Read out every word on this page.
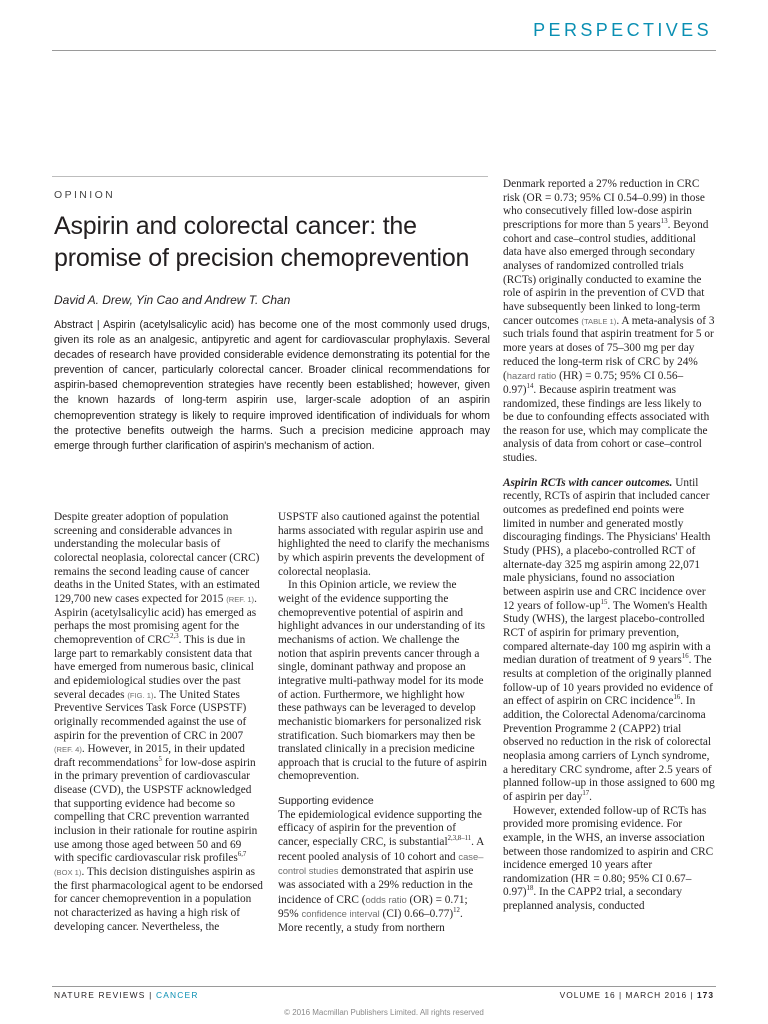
PERSPECTIVES
OPINION
Aspirin and colorectal cancer: the promise of precision chemoprevention
David A. Drew, Yin Cao and Andrew T. Chan

Abstract | Aspirin (acetylsalicylic acid) has become one of the most commonly used drugs, given its role as an analgesic, antipyretic and agent for cardiovascular prophylaxis. Several decades of research have provided considerable evidence demonstrating its potential for the prevention of cancer, particularly colorectal cancer. Broader clinical recommendations for aspirin-based chemoprevention strategies have recently been established; however, given the known hazards of long-term aspirin use, larger-scale adoption of an aspirin chemoprevention strategy is likely to require improved identification of individuals for whom the protective benefits outweigh the harms. Such a precision medicine approach may emerge through further clarification of aspirin's mechanism of action.

Despite greater adoption of population screening and considerable advances in understanding the molecular basis of colorectal neoplasia, colorectal cancer (CRC) remains the second leading cause of cancer deaths in the United States, with an estimated 129,700 new cases expected for 2015 (REF. 1). Aspirin (acetylsalicylic acid) has emerged as perhaps the most promising agent for the chemoprevention of CRC$^{2,3}$. This is due in large part to remarkably consistent data that have emerged from numerous basic, clinical and epidemiological studies over the past several decades (FIG. 1). The United States Preventive Services Task Force (USPSTF) originally recommended against the use of aspirin for the prevention of CRC in 2007 (REF. 4). However, in 2015, in their updated draft recommendations$^5$ for low-dose aspirin in the primary prevention of cardiovascular disease (CVD), the USPSTF acknowledged that supporting evidence had become so compelling that CRC prevention warranted inclusion in their rationale for routine aspirin use among those aged between 50 and 69 with specific cardiovascular risk profiles$^{6,7}$ (BOX 1). This decision distinguishes aspirin as the first pharmacological agent to be endorsed for cancer chemoprevention in a population not characterized as having a high risk of developing cancer. Nevertheless, the

USPSTF also cautioned against the potential harms associated with regular aspirin use and highlighted the need to clarify the mechanisms by which aspirin prevents the development of colorectal neoplasia.

In this Opinion article, we review the weight of the evidence supporting the chemopreventive potential of aspirin and highlight advances in our understanding of its mechanisms of action. We challenge the notion that aspirin prevents cancer through a single, dominant pathway and propose an integrative multi-pathway model for its mode of action. Furthermore, we highlight how these pathways can be leveraged to develop mechanistic biomarkers for personalized risk stratification. Such biomarkers may then be translated clinically in a precision medicine approach that is crucial to the future of aspirin chemoprevention.

Supporting evidence

The epidemiological evidence supporting the efficacy of aspirin for the prevention of cancer, especially CRC, is substantial$^{2,3,8-11}$. A recent pooled analysis of 10 cohort and case–control studies demonstrated that aspirin use was associated with a 29% reduction in the incidence of CRC (odds ratio (OR) = 0.71; 95% confidence interval (CI) 0.66–0.77)$^{12}$. More recently, a study from northern

Denmark reported a 27% reduction in CRC risk (OR = 0.73; 95% CI 0.54–0.99) in those who consecutively filled low-dose aspirin prescriptions for more than 5 years$^{13}$. Beyond cohort and case–control studies, additional data have also emerged through secondary analyses of randomized controlled trials (RCTs) originally conducted to examine the role of aspirin in the prevention of CVD that have subsequently been linked to long-term cancer outcomes (TABLE 1). A meta-analysis of 3 such trials found that aspirin treatment for 5 or more years at doses of 75–300 mg per day reduced the long-term risk of CRC by 24% (hazard ratio (HR) = 0.75; 95% CI 0.56–0.97)$^{14}$. Because aspirin treatment was randomized, these findings are less likely to be due to confounding effects associated with the reason for use, which may complicate the analysis of data from cohort or case–control studies.

Aspirin RCTs with cancer outcomes. Until recently, RCTs of aspirin that included cancer outcomes as predefined end points were limited in number and generated mostly discouraging findings. The Physicians' Health Study (PHS), a placebo-controlled RCT of alternate-day 325 mg aspirin among 22,071 male physicians, found no association between aspirin use and CRC incidence over 12 years of follow-$up^{15}$. The Women's Health Study (WHS), the largest placebo-controlled RCT of aspirin for primary prevention, compared alternate-day 100 mg aspirin with a median duration of treatment of 9 years$^{16}$. The results at completion of the originally planned follow-up of 10 years provided no evidence of an effect of aspirin on CRC incidence$^{16}$. In addition, the Colorectal Adenoma/carcinoma Prevention Programme 2 (CAPP2) trial observed no reduction in the risk of colorectal neoplasia among carriers of Lynch syndrome, a hereditary CRC syndrome, after 2.5 years of planned follow-up in those assigned to 600 mg of aspirin per day$^{17}$.

However, extended follow-up of RCTs has provided more promising evidence. For example, in the WHS, an inverse association between those randomized to aspirin and CRC incidence emerged 10 years after randomization (HR = 0.80; 95% CI 0.67–0.97)$^{18}$. In the CAPP2 trial, a secondary preplanned analysis, conducted

NATURE REVIEWS | CANCER	VOLUME 16 | MARCH 2016 | 173
© 2016 Macmillan Publishers Limited. All rights reserved
